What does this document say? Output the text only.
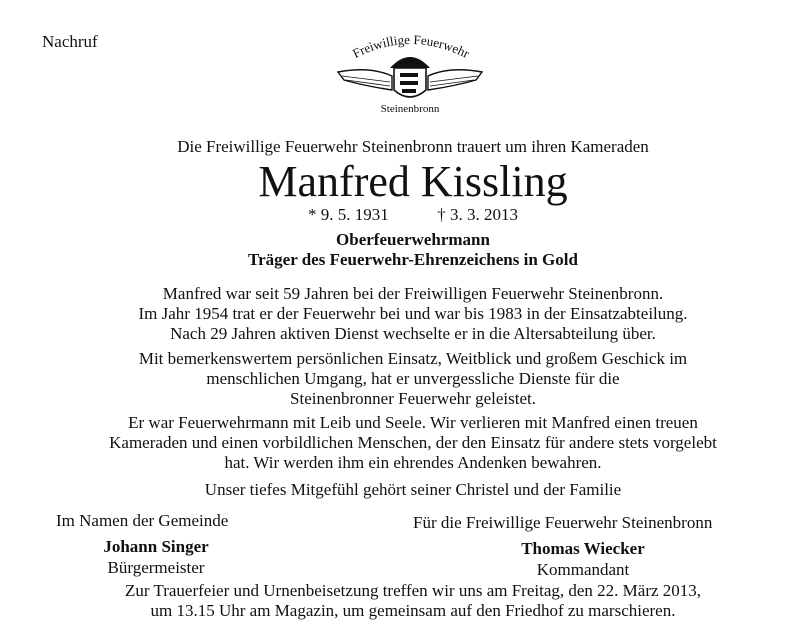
Nachruf
Freiwillige Feuerwehr
Steinenbronn
Die Freiwillige Feuerwehr Steinenbronn trauert um ihren Kameraden
Manfred Kissling
* 9. 5. 1931	† 3. 3. 2013
Oberfeuerwehrmann
Träger des Feuerwehr-Ehrenzeichens in Gold
Manfred war seit 59 Jahren bei der Freiwilligen Feuerwehr Steinenbronn.
Im Jahr 1954 trat er der Feuerwehr bei und war bis 1983 in der Einsatzabteilung.
Nach 29 Jahren aktiven Dienst wechselte er in die Altersabteilung über.
Mit bemerkenswertem persönlichen Einsatz, Weitblick und großem Geschick im
menschlichen Umgang, hat er unvergessliche Dienste für die
Steinenbronner Feuerwehr geleistet.
Er war Feuerwehrmann mit Leib und Seele. Wir verlieren mit Manfred einen treuen
Kameraden und einen vorbildlichen Menschen, der den Einsatz für andere stets vorgelebt
hat. Wir werden ihm ein ehrendes Andenken bewahren.
Unser tiefes Mitgefühl gehört seiner Christel und der Familie
Im Namen der Gemeinde
Johann Singer
Bürgermeister
Für die Freiwillige Feuerwehr Steinenbronn
Thomas Wiecker
Kommandant
Zur Trauerfeier und Urnenbeisetzung treffen wir uns am Freitag, den 22. März 2013,
um 13.15 Uhr am Magazin, um gemeinsam auf den Friedhof zu marschieren.
